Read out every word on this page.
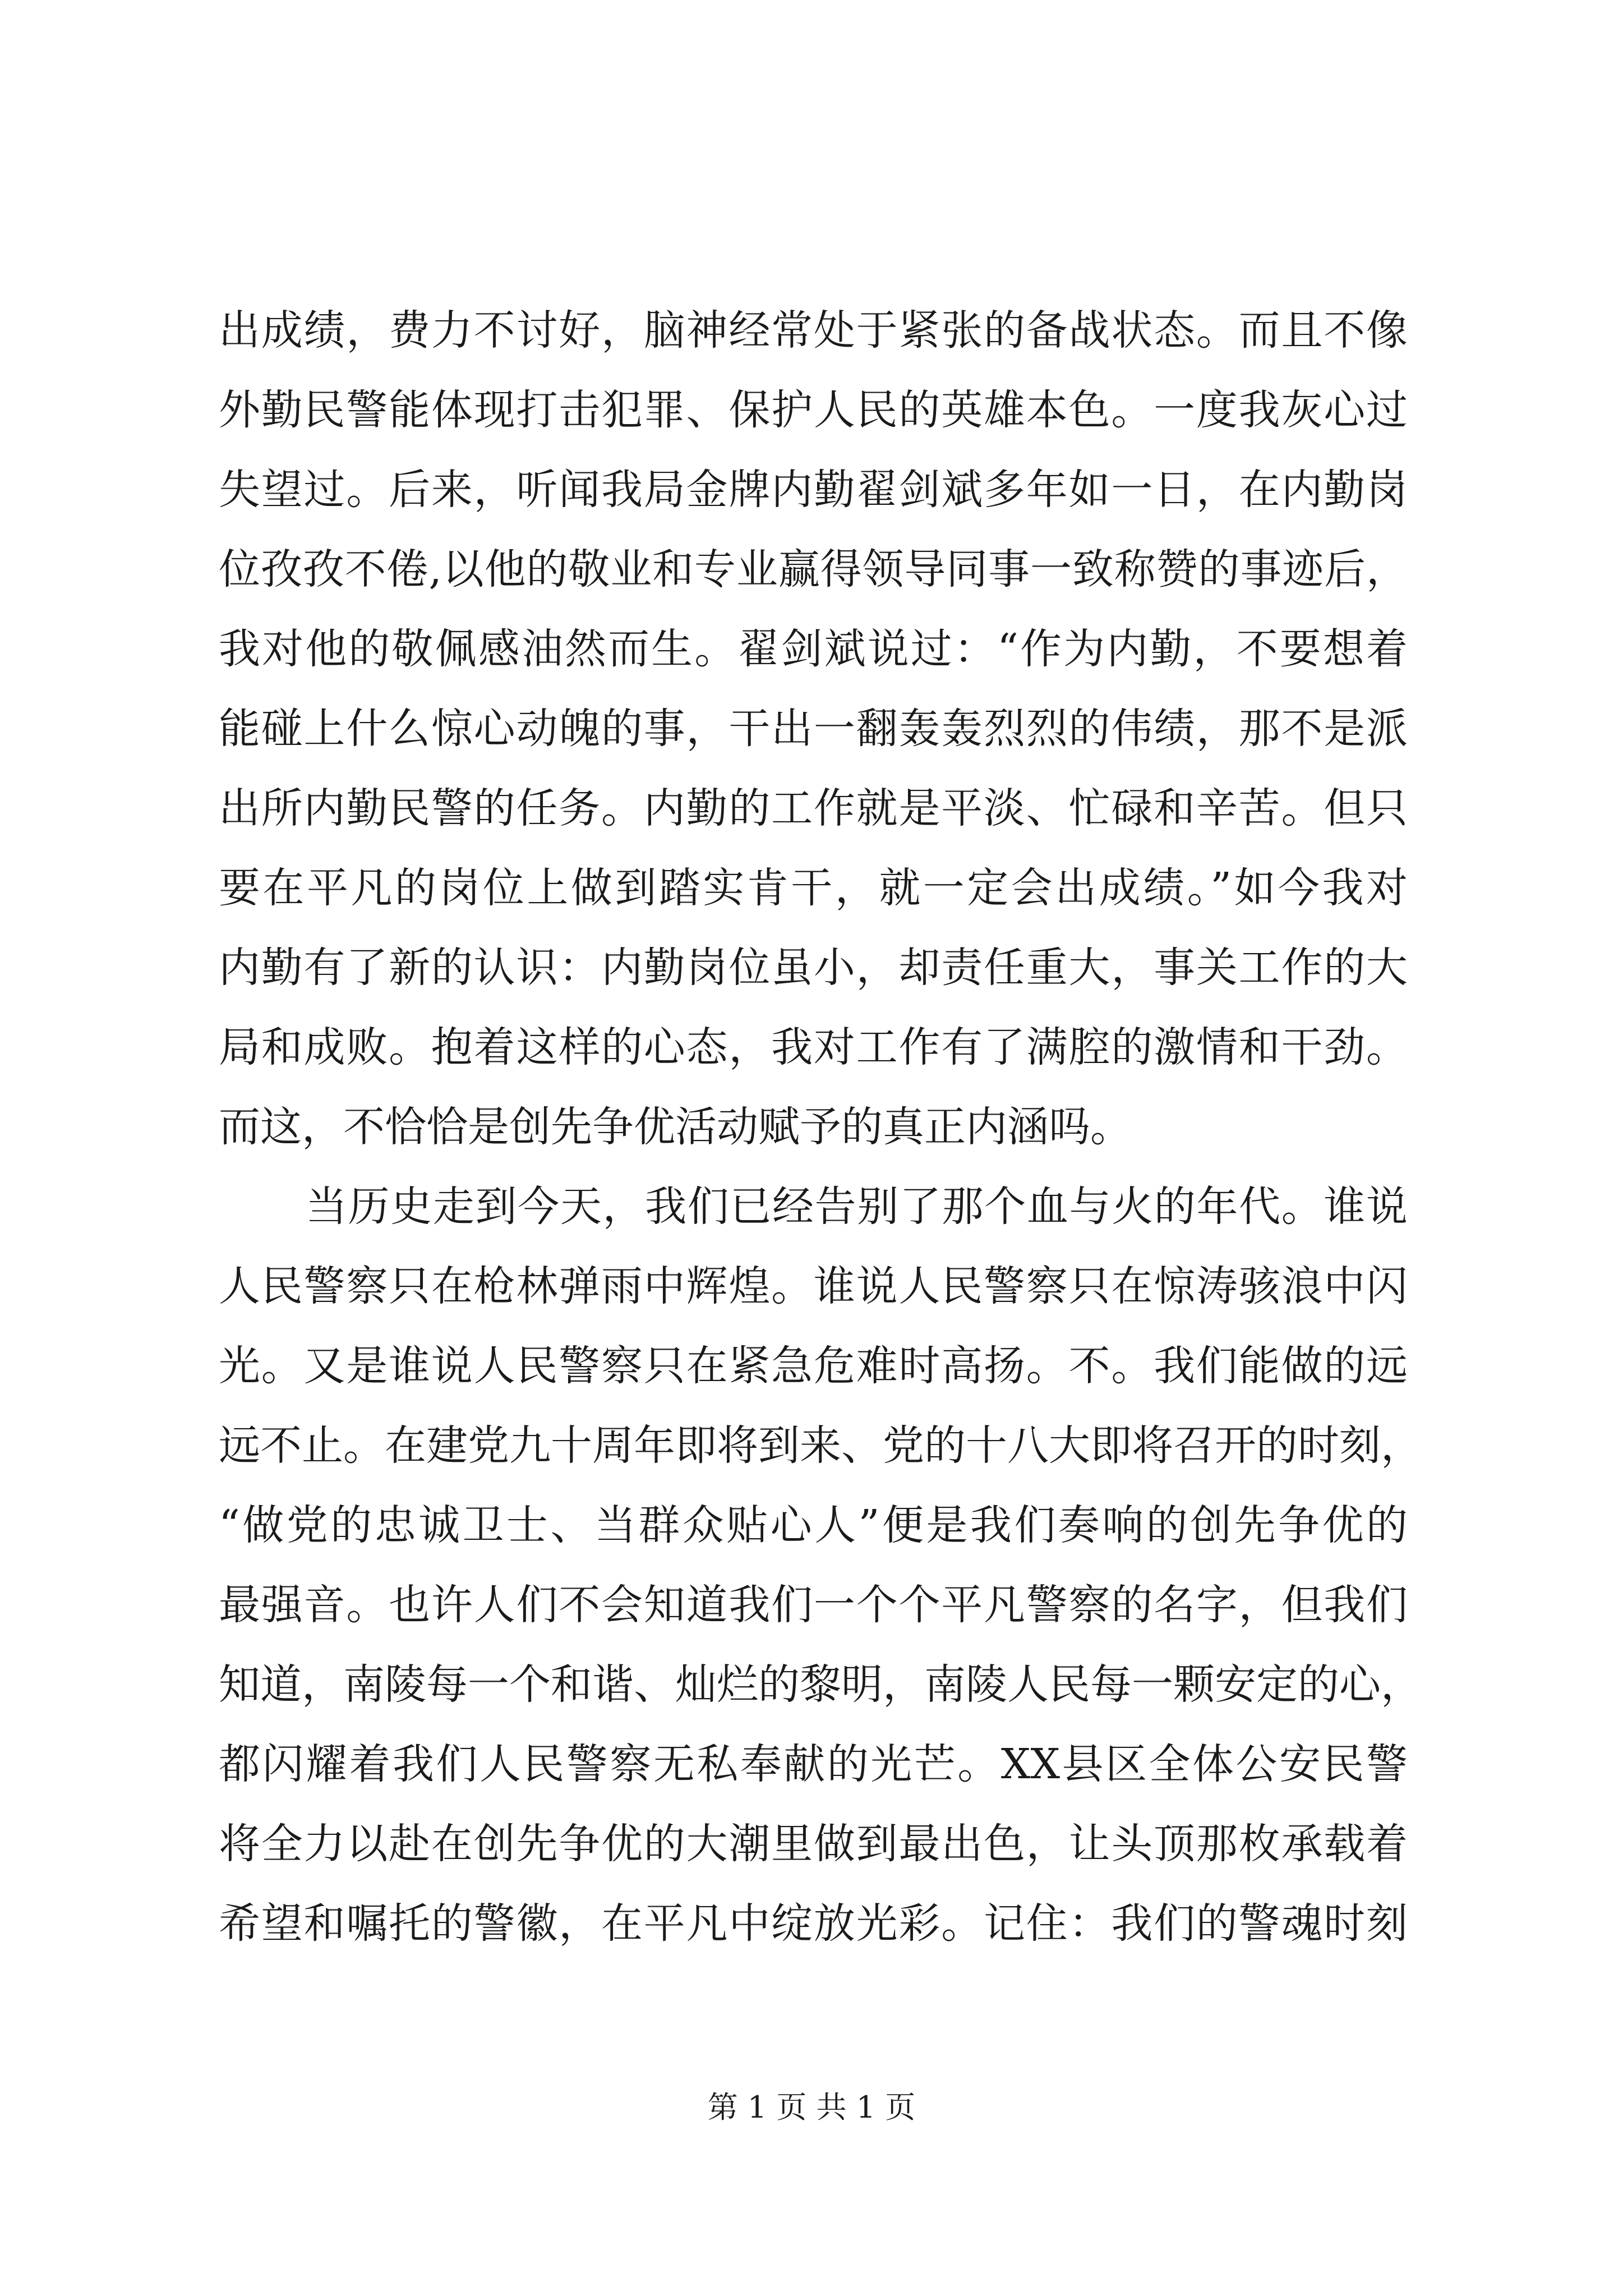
出成绩，费力不讨好，脑神经常处于紧张的备战状态。而且不像
外勤民警能体现打击犯罪、保护人民的英雄本色。一度我灰心过
失望过。后来，听闻我局金牌内勤翟剑斌多年如一日，在内勤岗
位孜孜不倦,以他的敬业和专业赢得领导同事一致称赞的事迹后，
我对他的敬佩感油然而生。翟剑斌说过：“作为内勤，不要想着
能碰上什么惊心动魄的事，干出一翻轰轰烈烈的伟绩，那不是派
出所内勤民警的任务。内勤的工作就是平淡、忙碌和辛苦。但只
要在平凡的岗位上做到踏实肯干，就一定会出成绩。”如今我对
内勤有了新的认识：内勤岗位虽小，却责任重大，事关工作的大
局和成败。抱着这样的心态，我对工作有了满腔的激情和干劲。
而这，不恰恰是创先争优活动赋予的真正内涵吗。
当历史走到今天，我们已经告别了那个血与火的年代。谁说
人民警察只在枪林弹雨中辉煌。谁说人民警察只在惊涛骇浪中闪
光。又是谁说人民警察只在紧急危难时高扬。不。我们能做的远
远不止。在建党九十周年即将到来、党的十八大即将召开的时刻，
“做党的忠诚卫士、当群众贴心人”便是我们奏响的创先争优的
最强音。也许人们不会知道我们一个个平凡警察的名字，但我们
知道，南陵每一个和谐、灿烂的黎明，南陵人民每一颗安定的心，
都闪耀着我们人民警察无私奉献的光芒。XX县区全体公安民警
将全力以赴在创先争优的大潮里做到最出色，让头顶那枚承载着
希望和嘱托的警徽，在平凡中绽放光彩。记住：我们的警魂时刻
第 1 页 共 1 页
